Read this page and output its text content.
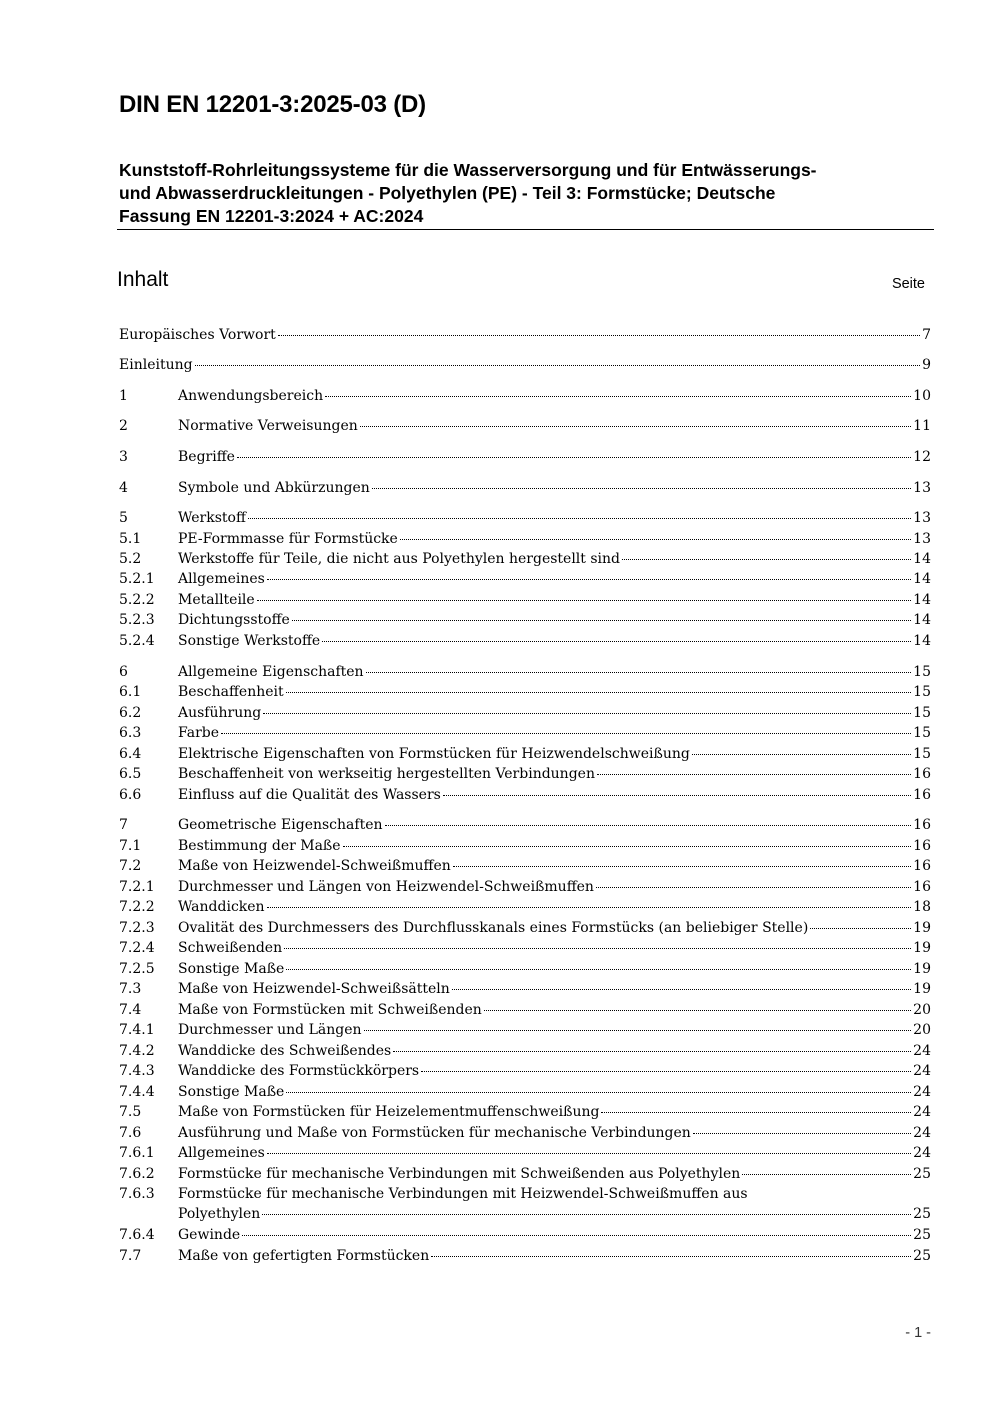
DIN EN 12201-3:2025-03 (D)
Kunststoff-Rohrleitungssysteme für die Wasserversorgung und für Entwässerungs-
und Abwasserdruckleitungen - Polyethylen (PE) - Teil 3: Formstücke; Deutsche
Fassung EN 12201-3:2024 + AC:2024
Inhalt	Seite
Europäisches Vorwort	7
Einleitung	9
1	Anwendungsbereich	10
2	Normative Verweisungen	11
3	Begriffe	12
4	Symbole und Abkürzungen	13
5	Werkstoff	13
5.1	PE-Formmasse für Formstücke	13
5.2	Werkstoffe für Teile, die nicht aus Polyethylen hergestellt sind	14
5.2.1	Allgemeines	14
5.2.2	Metallteile	14
5.2.3	Dichtungsstoffe	14
5.2.4	Sonstige Werkstoffe	14
6	Allgemeine Eigenschaften	15
6.1	Beschaffenheit	15
6.2	Ausführung	15
6.3	Farbe	15
6.4	Elektrische Eigenschaften von Formstücken für Heizwendelschweißung	15
6.5	Beschaffenheit von werkseitig hergestellten Verbindungen	16
6.6	Einfluss auf die Qualität des Wassers	16
7	Geometrische Eigenschaften	16
7.1	Bestimmung der Maße	16
7.2	Maße von Heizwendel-Schweißmuffen	16
7.2.1	Durchmesser und Längen von Heizwendel-Schweißmuffen	16
7.2.2	Wanddicken	18
7.2.3	Ovalität des Durchmessers des Durchflusskanals eines Formstücks (an beliebiger Stelle)	19
7.2.4	Schweißenden	19
7.2.5	Sonstige Maße	19
7.3	Maße von Heizwendel-Schweißsätteln	19
7.4	Maße von Formstücken mit Schweißenden	20
7.4.1	Durchmesser und Längen	20
7.4.2	Wanddicke des Schweißendes	24
7.4.3	Wanddicke des Formstückkörpers	24
7.4.4	Sonstige Maße	24
7.5	Maße von Formstücken für Heizelementmuffenschweißung	24
7.6	Ausführung und Maße von Formstücken für mechanische Verbindungen	24
7.6.1	Allgemeines	24
7.6.2	Formstücke für mechanische Verbindungen mit Schweißenden aus Polyethylen	25
7.6.3	Formstücke für mechanische Verbindungen mit Heizwendel-Schweißmuffen aus
Polyethylen	25
7.6.4	Gewinde	25
7.7	Maße von gefertigten Formstücken	25
- 1 -
